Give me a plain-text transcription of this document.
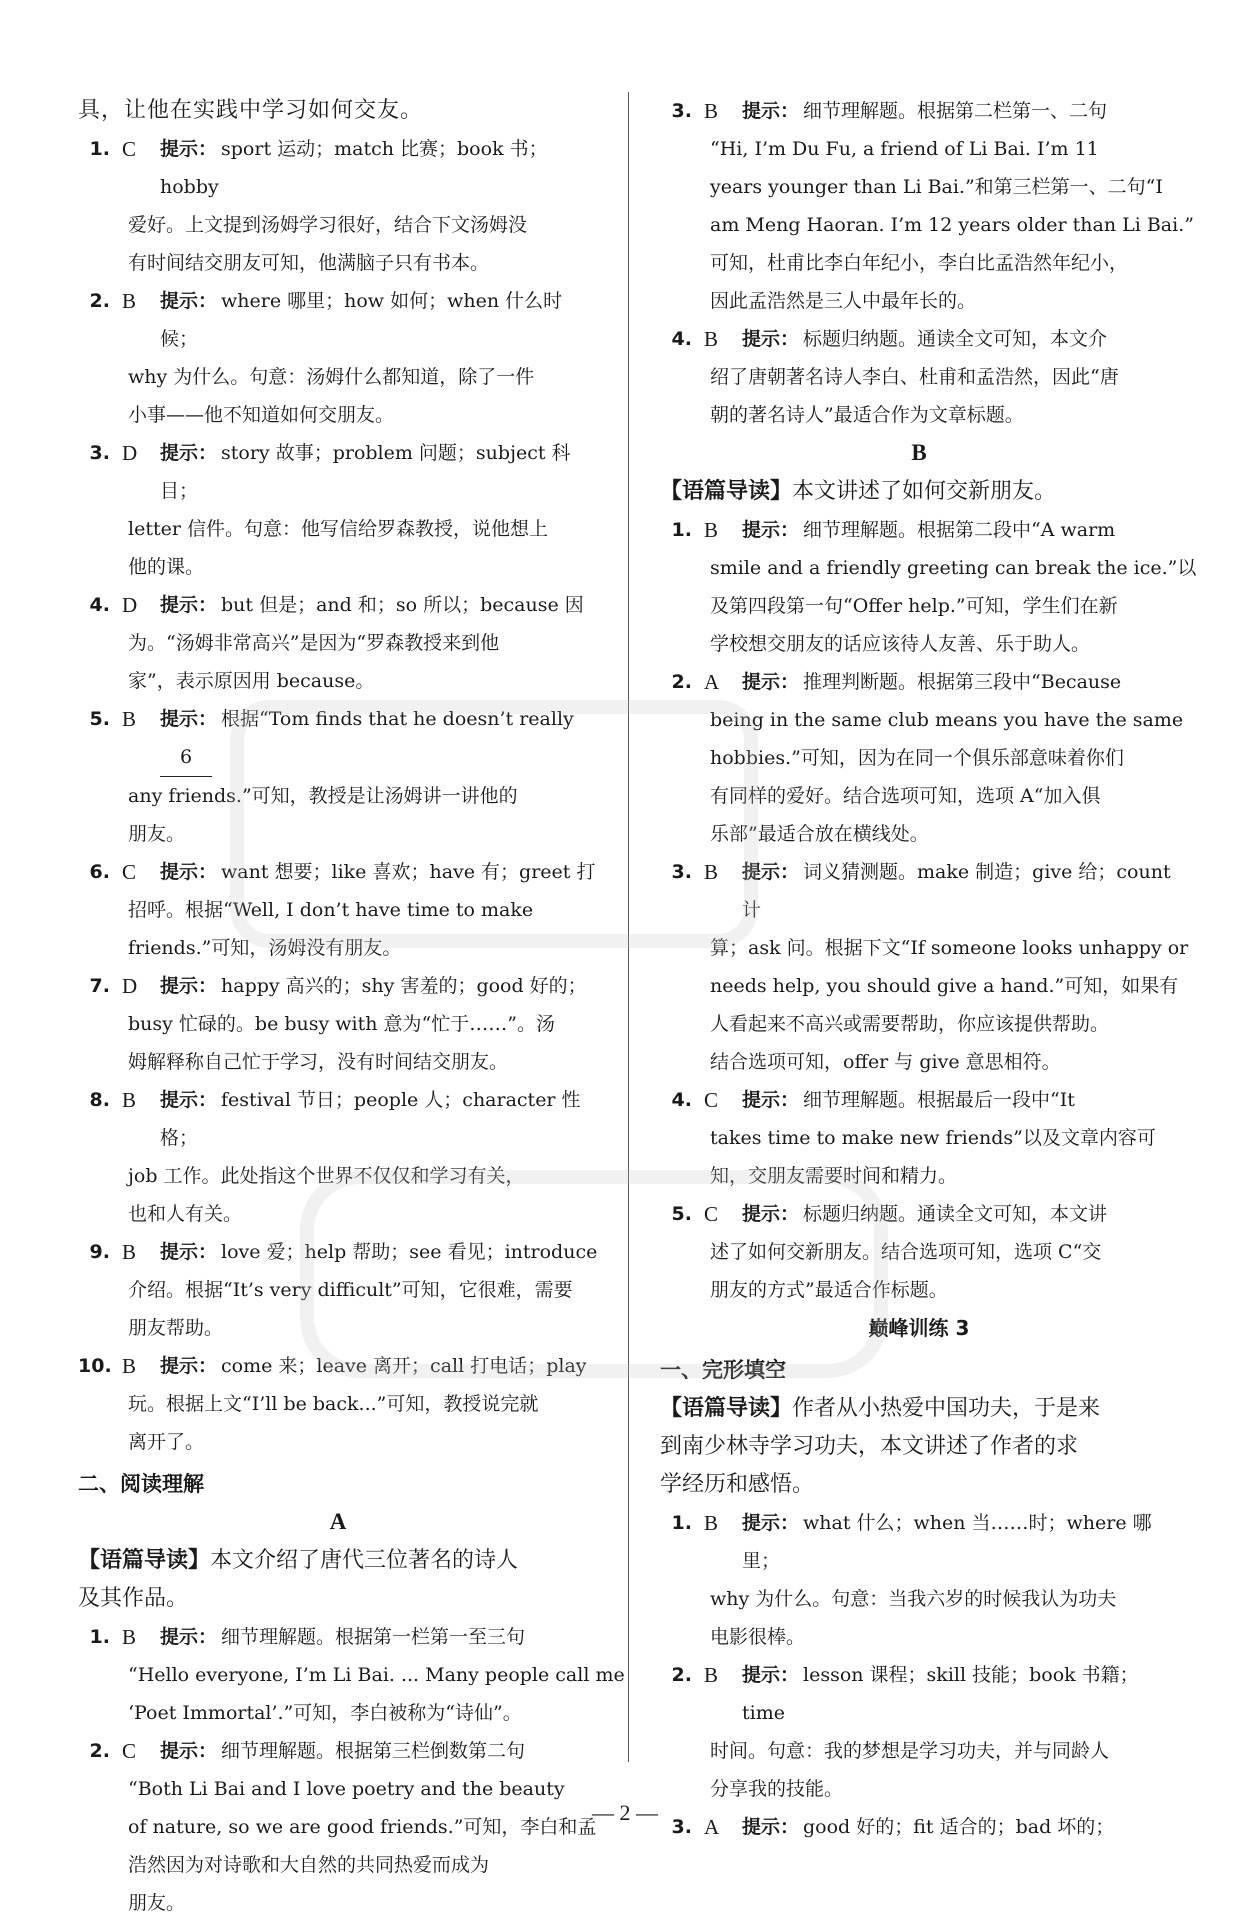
具，让他在实践中学习如何交友。
1. C	提示： sport 运动；match 比赛；book 书；hobby
爱好。上文提到汤姆学习很好，结合下文汤姆没
有时间结交朋友可知，他满脑子只有书本。
2. B	提示： where 哪里；how 如何；when 什么时候；
why 为什么。句意：汤姆什么都知道，除了一件
小事——他不知道如何交朋友。
3. D	提示： story 故事；problem 问题；subject 科目；
letter 信件。句意：他写信给罗森教授，说他想上
他的课。
4. D	提示： but 但是；and 和；so 所以；because 因
为。“汤姆非常高兴”是因为“罗森教授来到他
家”，表示原因用 because。
5. B	提示： 根据“Tom finds that he doesn’t really 6
any friends.”可知，教授是让汤姆讲一讲他的
朋友。
6. C	提示： want 想要；like 喜欢；have 有；greet 打
招呼。根据“Well, I don’t have time to make
friends.”可知，汤姆没有朋友。
7. D	提示： happy 高兴的；shy 害羞的；good 好的；
busy 忙碌的。be busy with 意为“忙于……”。汤
姆解释称自己忙于学习，没有时间结交朋友。
8. B	提示： festival 节日；people 人；character 性格；
job 工作。此处指这个世界不仅仅和学习有关，
也和人有关。
9. B	提示： love 爱；help 帮助；see 看见；introduce
介绍。根据“It’s very difficult”可知，它很难，需要
朋友帮助。
10. B	提示： come 来；leave 离开；call 打电话；play
玩。根据上文“I’ll be back...”可知，教授说完就
离开了。
二、阅读理解
A
【语篇导读】本文介绍了唐代三位著名的诗人
及其作品。
1. B	提示： 细节理解题。根据第一栏第一至三句
“Hello everyone, I’m Li Bai. ... Many people call me
‘Poet Immortal’.”可知，李白被称为“诗仙”。
2. C	提示： 细节理解题。根据第三栏倒数第二句
“Both Li Bai and I love poetry and the beauty
of nature, so we are good friends.”可知，李白和孟
浩然因为对诗歌和大自然的共同热爱而成为
朋友。
3. B	提示： 细节理解题。根据第二栏第一、二句
“Hi, I’m Du Fu, a friend of Li Bai. I’m 11
years younger than Li Bai.”和第三栏第一、二句“I
am Meng Haoran. I’m 12 years older than Li Bai.”
可知，杜甫比李白年纪小，李白比孟浩然年纪小，
因此孟浩然是三人中最年长的。
4. B	提示： 标题归纳题。通读全文可知，本文介
绍了唐朝著名诗人李白、杜甫和孟浩然，因此“唐
朝的著名诗人”最适合作为文章标题。
B
【语篇导读】本文讲述了如何交新朋友。
1. B	提示： 细节理解题。根据第二段中“A warm
smile and a friendly greeting can break the ice.”以
及第四段第一句“Offer help.”可知，学生们在新
学校想交朋友的话应该待人友善、乐于助人。
2. A	提示： 推理判断题。根据第三段中“Because
being in the same club means you have the same
hobbies.”可知，因为在同一个俱乐部意味着你们
有同样的爱好。结合选项可知，选项 A“加入俱
乐部”最适合放在横线处。
3. B	提示： 词义猜测题。make 制造；give 给；count 计
算；ask 问。根据下文“If someone looks unhappy or
needs help, you should give a hand.”可知，如果有
人看起来不高兴或需要帮助，你应该提供帮助。
结合选项可知，offer 与 give 意思相符。
4. C	提示： 细节理解题。根据最后一段中“It
takes time to make new friends”以及文章内容可
知，交朋友需要时间和精力。
5. C	提示： 标题归纳题。通读全文可知，本文讲
述了如何交新朋友。结合选项可知，选项 C“交
朋友的方式”最适合作标题。
巅峰训练 3
一、完形填空
【语篇导读】作者从小热爱中国功夫，于是来
到南少林寺学习功夫，本文讲述了作者的求
学经历和感悟。
1. B	提示： what 什么；when 当……时；where 哪里；
why 为什么。句意：当我六岁的时候我认为功夫
电影很棒。
2. B	提示： lesson 课程；skill 技能；book 书籍；time
时间。句意：我的梦想是学习功夫，并与同龄人
分享我的技能。
3. A	提示： good 好的；fit 适合的；bad 坏的；
— 2 —
